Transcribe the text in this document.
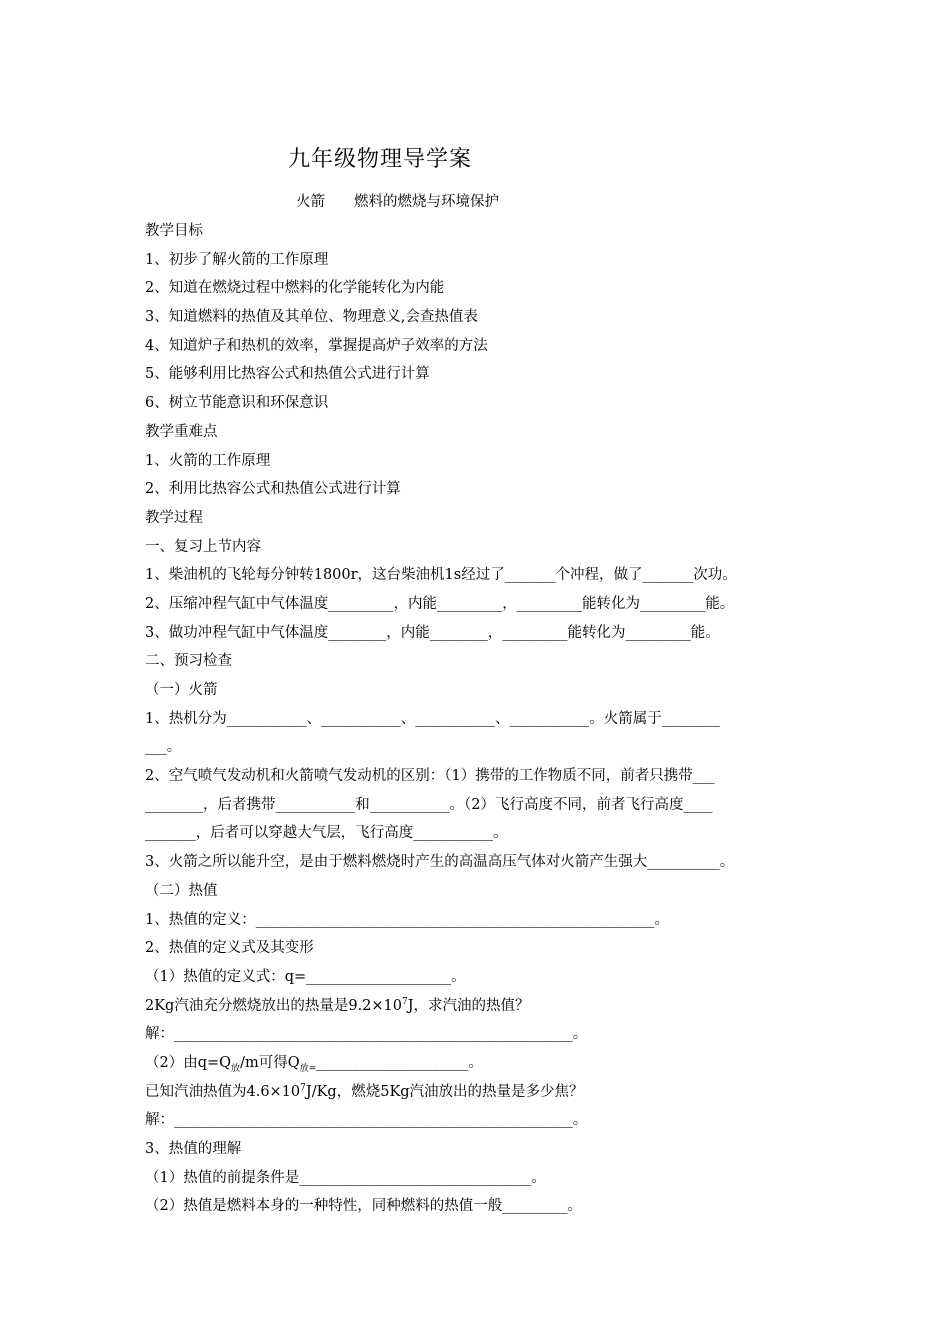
九年级物理导学案
火箭　　燃料的燃烧与环境保护
教学目标
1、初步了解火箭的工作原理
2、知道在燃烧过程中燃料的化学能转化为内能
3、知道燃料的热值及其单位、物理意义,会查热值表
4、知道炉子和热机的效率，掌握提高炉子效率的方法
5、能够利用比热容公式和热值公式进行计算
6、树立节能意识和环保意识
教学重难点
1、火箭的工作原理
2、利用比热容公式和热值公式进行计算
教学过程
一、复习上节内容
1、柴油机的飞轮每分钟转1800r，这台柴油机1s经过了_______个冲程，做了_______次功。
2、压缩冲程气缸中气体温度_________，内能_________，_________能转化为_________能。
3、做功冲程气缸中气体温度________，内能________，_________能转化为_________能。
二、预习检查
（一）火箭
1、热机分为___________、___________、___________、___________。火箭属于________
___。
2、空气喷气发动机和火箭喷气发动机的区别：（1）携带的工作物质不同，前者只携带___
________，后者携带___________和___________。（2）飞行高度不同，前者飞行高度____
_______，后者可以穿越大气层，飞行高度___________。
3、火箭之所以能升空，是由于燃料燃烧时产生的高温高压气体对火箭产生强大__________。
（二）热值
1、热值的定义：_______________________________________________________。
2、热值的定义式及其变形
（1）热值的定义式：q=____________________。
2Kg汽油充分燃烧放出的热量是$9.2\times 10^7J$，求汽油的热值？
解：_______________________________________________________。
（2）由$q=Q_放/m$可得$Q_{放=}\_\_\_\_\_\_\_\_\_\_\_\_\_\_\_\_\_\_\_\_\_$。
已知汽油热值为$4.6\times 10^7J/Kg$，燃烧5Kg汽油放出的热量是多少焦？
解：_______________________________________________________。
3、热值的理解
（1）热值的前提条件是________________________________。
（2）热值是燃料本身的一种特性，同种燃料的热值一般_________。
